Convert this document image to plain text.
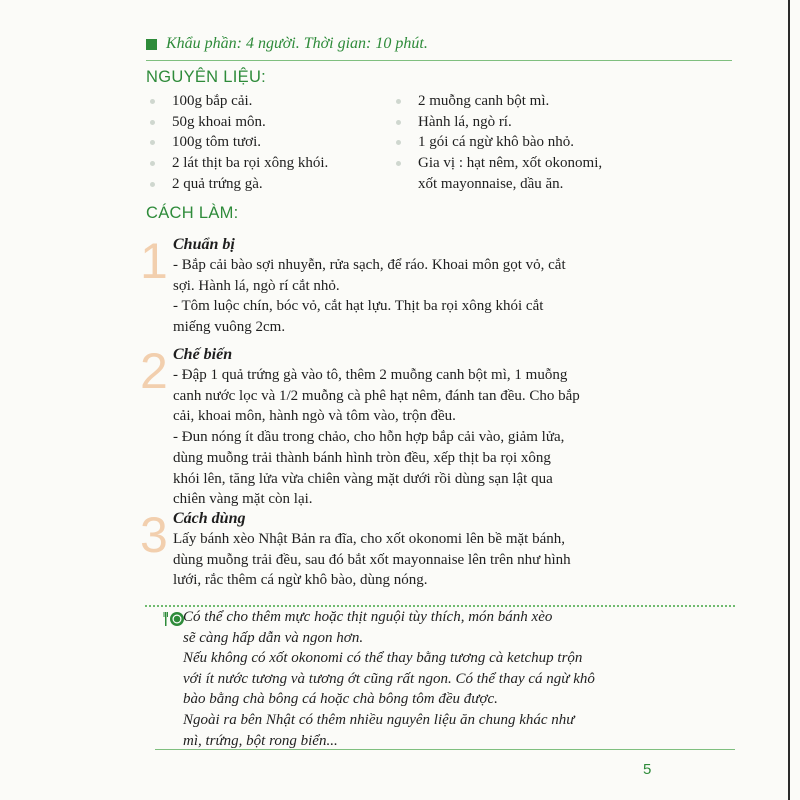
Khẩu phần: 4 người. Thời gian: 10 phút.
NGUYÊN LIỆU:
100g bắp cải.
50g khoai môn.
100g tôm tươi.
2 lát thịt ba rọi xông khói.
2 quả trứng gà.
2 muỗng canh bột mì.
Hành lá, ngò rí.
1 gói cá ngừ khô bào nhỏ.
Gia vị : hạt nêm, xốt okonomi,
xốt mayonnaise, dầu ăn.
CÁCH LÀM:
1 Chuẩn bị

- Bắp cải bào sợi nhuyễn, rửa sạch, để ráo. Khoai môn gọt vỏ, cắt

sợi. Hành lá, ngò rí cắt nhỏ.

- Tôm luộc chín, bóc vỏ, cắt hạt lựu. Thịt ba rọi xông khói cắt

miếng vuông 2cm.

2 Chế biến

- Đập 1 quả trứng gà vào tô, thêm 2 muỗng canh bột mì, 1 muỗng

canh nước lọc và 1/2 muỗng cà phê hạt nêm, đánh tan đều. Cho bắp

cải, khoai môn, hành ngò và tôm vào, trộn đều.

- Đun nóng ít dầu trong chảo, cho hỗn hợp bắp cải vào, giảm lửa,

dùng muỗng trải thành bánh hình tròn đều, xếp thịt ba rọi xông

khói lên, tăng lửa vừa chiên vàng mặt dưới rồi dùng sạn lật qua

chiên vàng mặt còn lại.

3 Cách dùng

Lấy bánh xèo Nhật Bản ra đĩa, cho xốt okonomi lên bề mặt bánh,

dùng muỗng trải đều, sau đó bắt xốt mayonnaise lên trên như hình

lưới, rắc thêm cá ngừ khô bào, dùng nóng.

Có thể cho thêm mực hoặc thịt nguội tùy thích, món bánh xèo

sẽ càng hấp dẫn và ngon hơn.

Nếu không có xốt okonomi có thể thay bằng tương cà ketchup trộn

với ít nước tương và tương ớt cũng rất ngon. Có thể thay cá ngừ khô

bào bằng chà bông cá hoặc chà bông tôm đều được.

Ngoài ra bên Nhật có thêm nhiều nguyên liệu ăn chung khác như

mì, trứng, bột rong biển...

5
